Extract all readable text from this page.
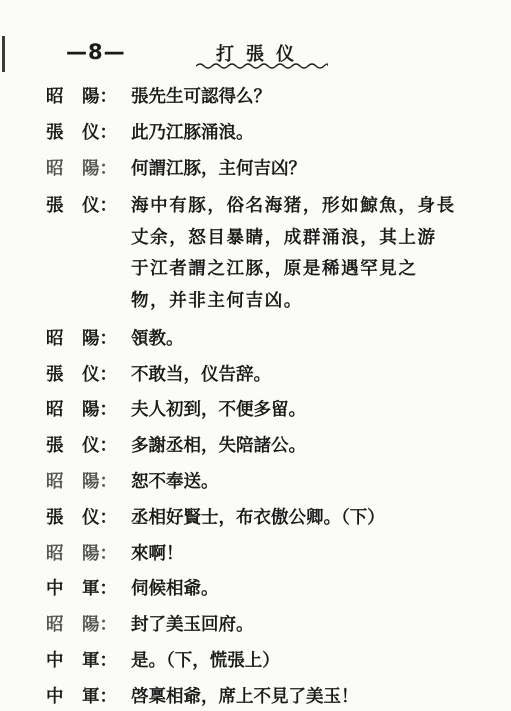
—8—	打張仪
昭 陽： 張先生可認得么？
張 仪： 此乃江豚涌浪。
昭 陽： 何謂江豚，主何吉凶？
張 仪： 海中有豚，俗名海猪，形如鯨魚，身長
丈余，怒目暴睛，成群涌浪，其上游
于江者謂之江豚，原是稀遇罕見之
物，并非主何吉凶。
昭 陽： 領教。
張 仪： 不敢当，仪告辞。
昭 陽： 夫人初到，不便多留。
張 仪： 多謝丞相，失陪諸公。
昭 陽： 恕不奉送。
張 仪： 丞相好賢士，布衣傲公卿。（下）
昭 陽： 來啊！
中 軍： 伺候相爺。
昭 陽： 封了美玉回府。
中 軍： 是。（下，慌張上）
中 軍： 啓稟相爺，席上不見了美玉！
